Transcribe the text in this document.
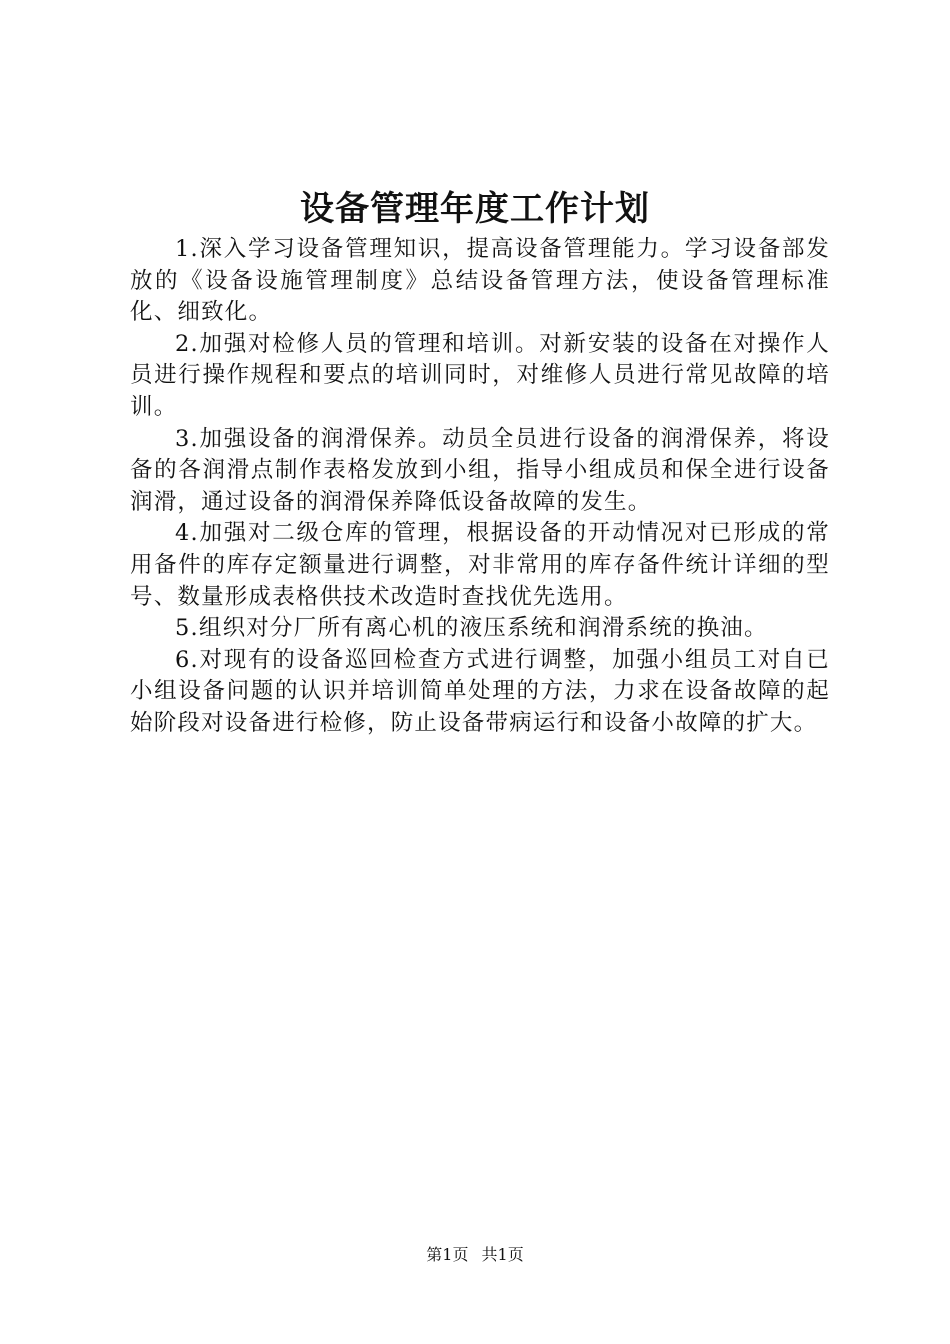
设备管理年度工作计划

1.深入学习设备管理知识，提高设备管理能力。学习设备部发放的《设备设施管理制度》总结设备管理方法，使设备管理标准化、细致化。

2.加强对检修人员的管理和培训。对新安装的设备在对操作人员进行操作规程和要点的培训同时，对维修人员进行常见故障的培训。

3.加强设备的润滑保养。动员全员进行设备的润滑保养，将设备的各润滑点制作表格发放到小组，指导小组成员和保全进行设备润滑，通过设备的润滑保养降低设备故障的发生。

4.加强对二级仓库的管理，根据设备的开动情况对已形成的常用备件的库存定额量进行调整，对非常用的库存备件统计详细的型号、数量形成表格供技术改造时查找优先选用。

5.组织对分厂所有离心机的液压系统和润滑系统的换油。

6.对现有的设备巡回检查方式进行调整，加强小组员工对自已小组设备问题的认识并培训简单处理的方法，力求在设备故障的起始阶段对设备进行检修，防止设备带病运行和设备小故障的扩大。

第1页 共1页
